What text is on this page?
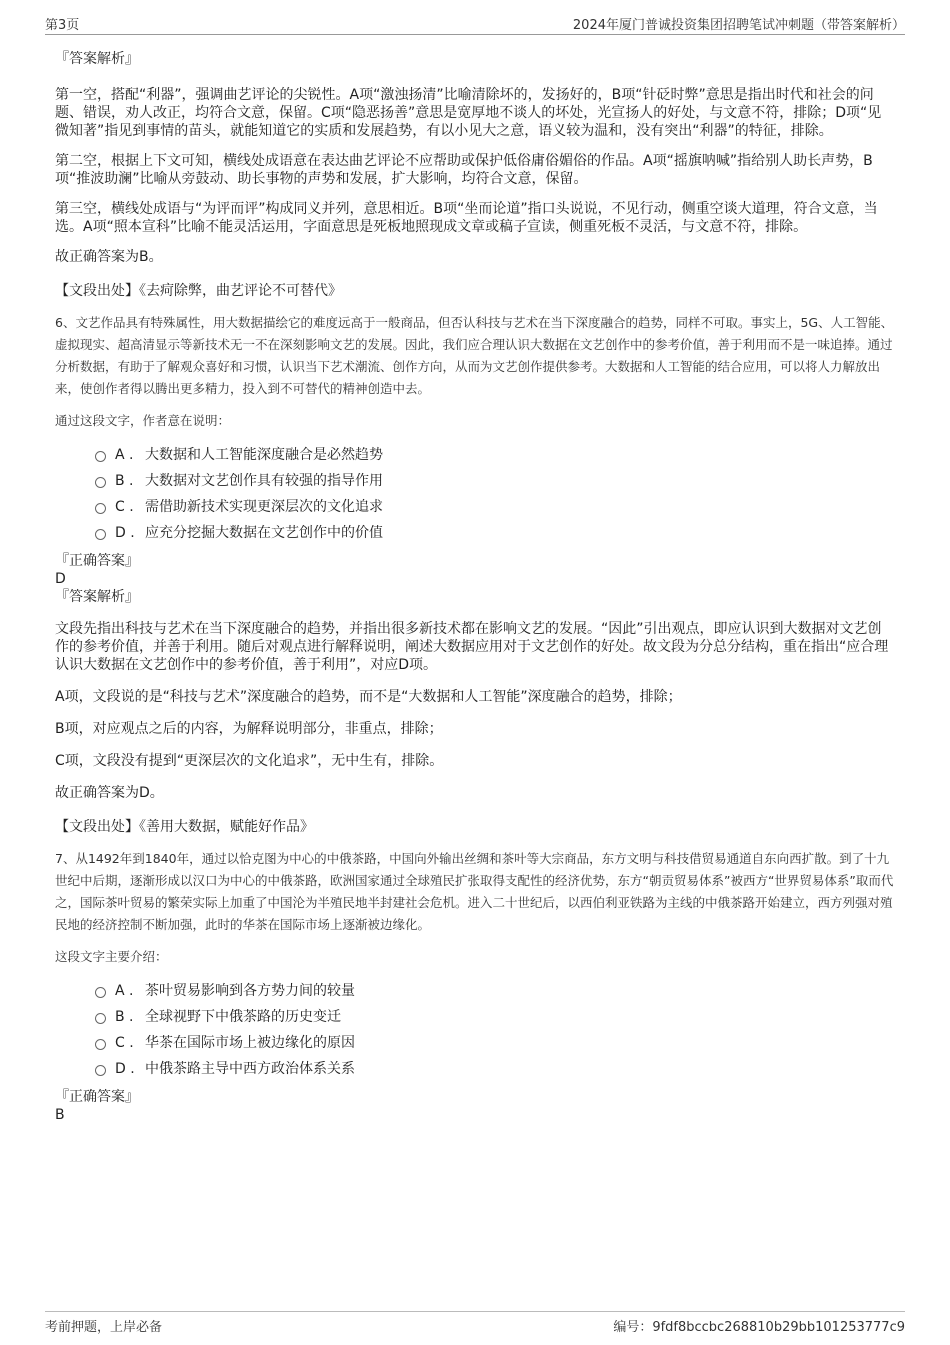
第3页	2024年厦门普诚投资集团招聘笔试冲刺题（带答案解析）

『答案解析』

第一空，搭配“利器”，强调曲艺评论的尖锐性。A项“激浊扬清”比喻清除坏的，发扬好的，B项“针砭时弊”意思是指出时代和社会的问题、错误，劝人改正，均符合文意，保留。C项“隐恶扬善”意思是宽厚地不谈人的坏处，光宣扬人的好处，与文意不符，排除；D项“见微知著”指见到事情的苗头，就能知道它的实质和发展趋势，有以小见大之意，语义较为温和，没有突出“利器”的特征，排除。

第二空，根据上下文可知，横线处成语意在表达曲艺评论不应帮助或保护低俗庸俗媚俗的作品。A项“摇旗呐喊”指给别人助长声势，B项“推波助澜”比喻从旁鼓动、助长事物的声势和发展，扩大影响，均符合文意，保留。

第三空，横线处成语与“为评而评”构成同义并列，意思相近。B项“坐而论道”指口头说说，不见行动，侧重空谈大道理，符合文意，当选。A项“照本宣科”比喻不能灵活运用，字面意思是死板地照现成文章或稿子宣读，侧重死板不灵活，与文意不符，排除。

故正确答案为B。

【文段出处】《去疴除弊，曲艺评论不可替代》

6、文艺作品具有特殊属性，用大数据描绘它的难度远高于一般商品，但否认科技与艺术在当下深度融合的趋势，同样不可取。事实上，5G、人工智能、虚拟现实、超高清显示等新技术无一不在深刻影响文艺的发展。因此，我们应合理认识大数据在文艺创作中的参考价值，善于利用而不是一味追捧。通过分析数据，有助于了解观众喜好和习惯，认识当下艺术潮流、创作方向，从而为文艺创作提供参考。大数据和人工智能的结合应用，可以将人力解放出来，使创作者得以腾出更多精力，投入到不可替代的精神创造中去。

通过这段文字，作者意在说明：

A . 大数据和人工智能深度融合是必然趋势
B . 大数据对文艺创作具有较强的指导作用
C . 需借助新技术实现更深层次的文化追求
D . 应充分挖掘大数据在文艺创作中的价值

『正确答案』

D

『答案解析』

文段先指出科技与艺术在当下深度融合的趋势，并指出很多新技术都在影响文艺的发展。“因此”引出观点，即应认识到大数据对文艺创作的参考价值，并善于利用。随后对观点进行解释说明，阐述大数据应用对于文艺创作的好处。故文段为分总分结构，重在指出“应合理认识大数据在文艺创作中的参考价值，善于利用”，对应D项。

A项，文段说的是“科技与艺术”深度融合的趋势，而不是“大数据和人工智能”深度融合的趋势，排除；

B项，对应观点之后的内容，为解释说明部分，非重点，排除；

C项，文段没有提到“更深层次的文化追求”，无中生有，排除。

故正确答案为D。

【文段出处】《善用大数据，赋能好作品》

7、从1492年到1840年，通过以恰克图为中心的中俄茶路，中国向外输出丝绸和茶叶等大宗商品，东方文明与科技借贸易通道自东向西扩散。到了十九世纪中后期，逐渐形成以汉口为中心的中俄茶路，欧洲国家通过全球殖民扩张取得支配性的经济优势，东方“朝贡贸易体系”被西方“世界贸易体系”取而代之，国际茶叶贸易的繁荣实际上加重了中国沦为半殖民地半封建社会危机。进入二十世纪后，以西伯利亚铁路为主线的中俄茶路开始建立，西方列强对殖民地的经济控制不断加强，此时的华茶在国际市场上逐渐被边缘化。

这段文字主要介绍：

A . 茶叶贸易影响到各方势力间的较量
B . 全球视野下中俄茶路的历史变迁
C . 华茶在国际市场上被边缘化的原因
D . 中俄茶路主导中西方政治体系关系

『正确答案』

B

考前押题，上岸必备	编号：9fdf8bccbc268810b29bb101253777c9
